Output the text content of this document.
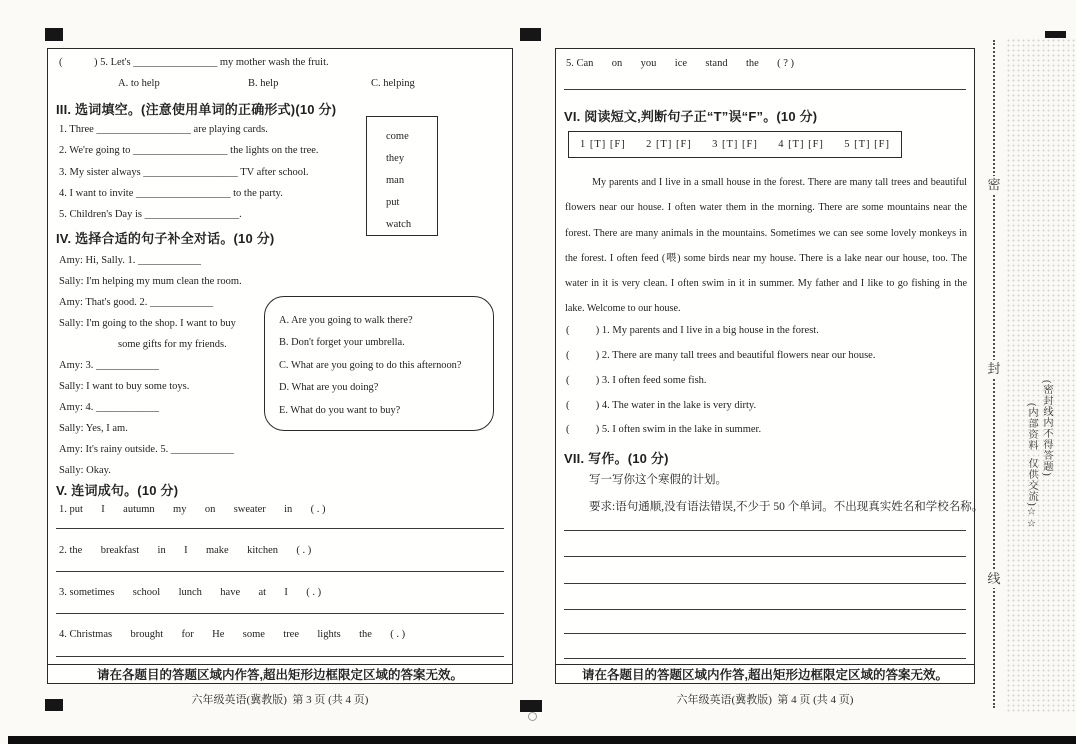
(            ) 5. Let's ________________ my mother wash the fruit.
A. to help	B. help	C. helping
III. 选词填空。(注意使用单词的正确形式)(10 分)
1. Three __________________ are playing cards.
2. We're going to __________________ the lights on the tree.
3. My sister always __________________ TV after school.
4. I want to invite __________________ to the party.
5. Children's Day is __________________.
come
they
man
put
watch
IV. 选择合适的句子补全对话。(10 分)
Amy: Hi, Sally. 1. ____________
Sally: I'm helping my mum clean the room.
Amy: That's good. 2. ____________
Sally: I'm going to the shop. I want to buy
some gifts for my friends.
Amy: 3. ____________
Sally: I want to buy some toys.
Amy: 4. ____________
Sally: Yes, I am.
Amy: It's rainy outside. 5. ____________
Sally: Okay.
A. Are you going to walk there?
B. Don't forget your umbrella.
C. What are you going to do this afternoon?
D. What are you doing?
E. What do you want to buy?
V. 连词成句。(10 分)
1. put       I       autumn       my       on       sweater       in       ( . )
2. the       breakfast       in       I       make       kitchen       ( . )
3. sometimes       school       lunch       have       at       I       ( . )
4. Christmas       brought       for       He       some       tree       lights       the       ( . )
请在各题目的答题区域内作答,超出矩形边框限定区域的答案无效。
六年级英语(冀教版)  第 3 页 (共 4 页)
5. Can       on       you       ice       stand       the       ( ? )
VI. 阅读短文,判断句子正“T”误“F”。(10 分)
1 [T] [F] 2 [T] [F] 3 [T] [F] 4 [T] [F] 5 [T] [F]
My parents and I live in a small house in the forest. There are many tall trees and beautiful flowers near our house. I often water them in the morning. There are some mountains near the forest. There are many animals in the mountains. Sometimes we can see some lovely monkeys in the forest. I often feed (喂) some birds near my house. There is a lake near our house, too. The water in it is very clean. I often swim in it in summer. My father and I like to go fishing in the lake. Welcome to our house.
(          ) 1. My parents and I live in a big house in the forest.
(          ) 2. There are many tall trees and beautiful flowers near our house.
(          ) 3. I often feed some fish.
(          ) 4. The water in the lake is very dirty.
(          ) 5. I often swim in the lake in summer.
VII. 写作。(10 分)
写一写你这个寒假的计划。
要求:语句通顺,没有语法错误,不少于 50 个单词。不出现真实姓名和学校名称。
请在各题目的答题区域内作答,超出矩形边框限定区域的答案无效。
六年级英语(冀教版)  第 4 页 (共 4 页)
密
封
线

(密封线内不得答题)
(内部资料  仅供交流)☆☆
